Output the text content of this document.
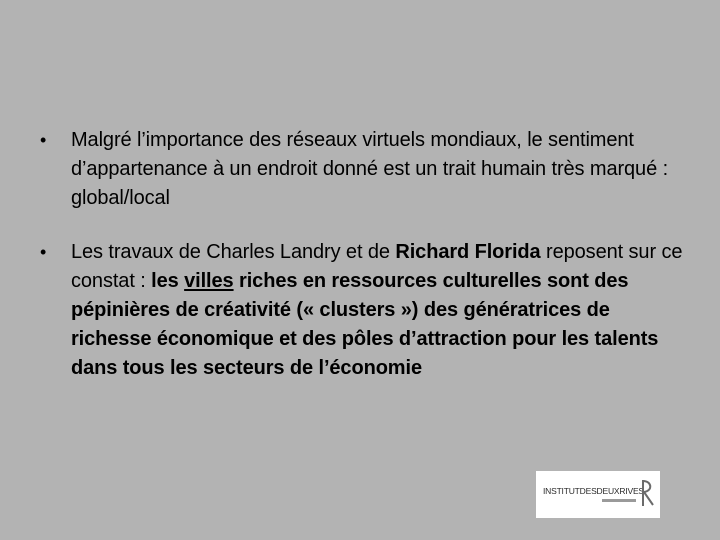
• Malgré l’importance des réseaux virtuels mondiaux, le sentiment d’appartenance à un endroit donné est un trait humain très marqué : global/local
• Les travaux de Charles Landry et de Richard Florida reposent sur ce constat : les villes riches en ressources culturelles sont des pépinières de créativité (« clusters ») des génératrices de richesse économique et des pôles d’attraction pour les talents dans tous les secteurs de l’économie
INSTITUTDESDEUXRIVES
